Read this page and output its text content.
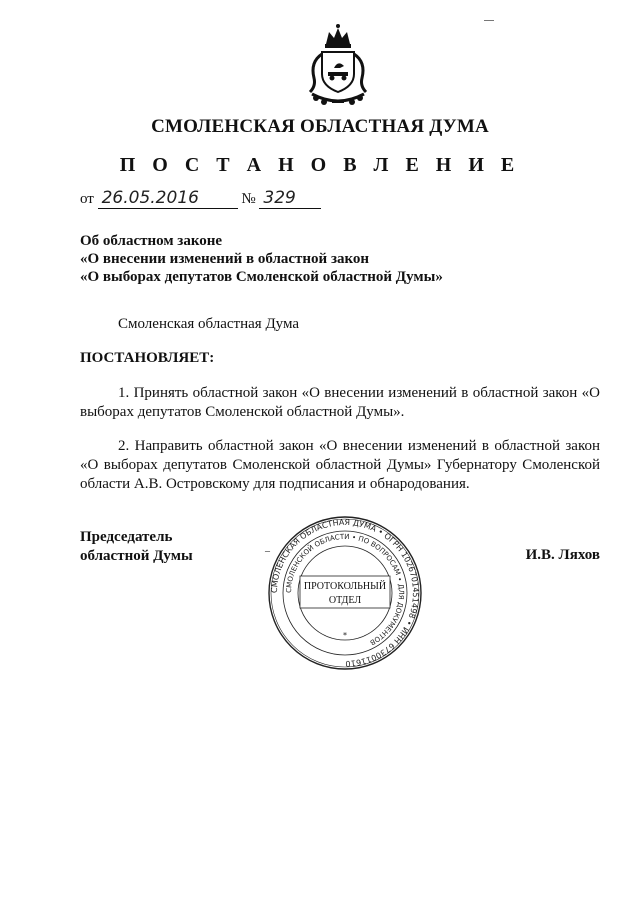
СМОЛЕНСКАЯ ОБЛАСТНАЯ ДУМА
П О С Т А Н О В Л Е Н И Е
от 26.05.2016	№ 329
Об областном законе
«О внесении изменений в областной закон
«О выборах депутатов Смоленской областной Думы»
Смоленская областная Дума
ПОСТАНОВЛЯЕТ:
1. Принять областной закон «О внесении изменений в областной закон «О выборах депутатов Смоленской областной Думы».
2. Направить областной закон «О внесении изменений в областной закон «О выборах депутатов Смоленской областной Думы» Губернатору Смоленской области А.В. Островскому для подписания и обнародования.
Председатель
областной Думы	–
СМОЛЕНСКАЯ ОБЛАСТНАЯ ДУМА • ОГРН 1026701451498 • ИНН 6730011610
СМОЛЕНСКОЙ ОБЛАСТИ • ПО ВОПРОСАМ • ДЛЯ ДОКУМЕНТОВ
ПРОТОКОЛЬНЫЙ
ОТДЕЛ
*
И.В. Ляхов
